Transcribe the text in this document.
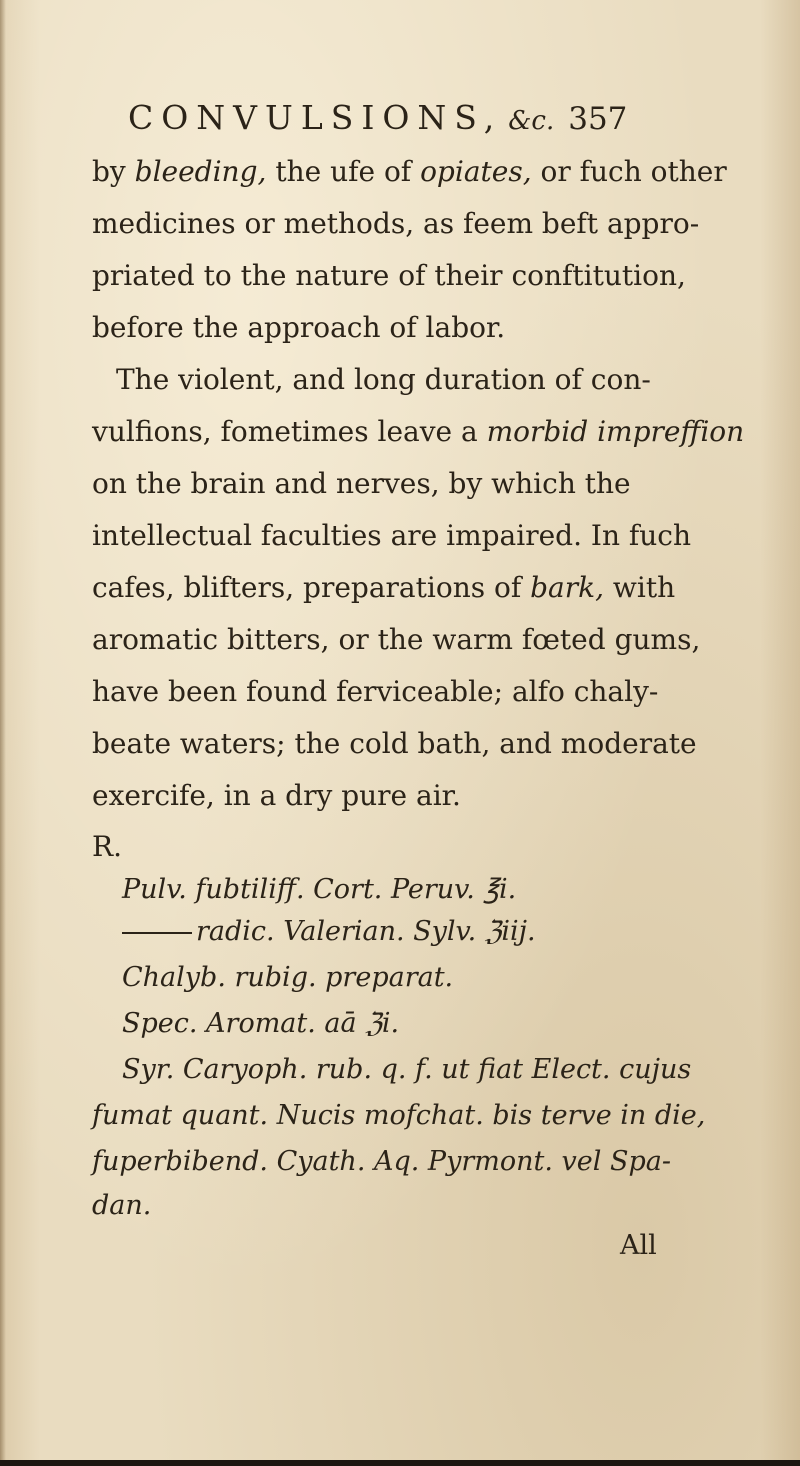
CONVULSIONS, &c. 357
by bleeding, the ufe of opiates, or fuch other
medicines or methods, as feem beft appro-
priated to the nature of their conftitution,
before the approach of labor.
The violent, and long duration of con-
vulfions, fometimes leave a morbid impreffion
on the brain and nerves, by which the
intellectual faculties are impaired. In fuch
cafes, blifters, preparations of bark, with
aromatic bitters, or the warm fœted gums,
have been found ferviceable; alfo chaly-
beate waters; the cold bath, and moderate
exercife, in a dry pure air.
R.
Pulv. fubtiliff. Cort. Peruv. ℥i.
radic. Valerian. Sylv. ℨiij.
Chalyb. rubig. preparat.
Spec. Aromat. aā ℨi.
Syr. Caryoph. rub. q. f. ut fiat Elect. cujus
fumat quant. Nucis mofchat. bis terve in die,
fuperbibend. Cyath. Aq. Pyrmont. vel Spa-
dan.
All
